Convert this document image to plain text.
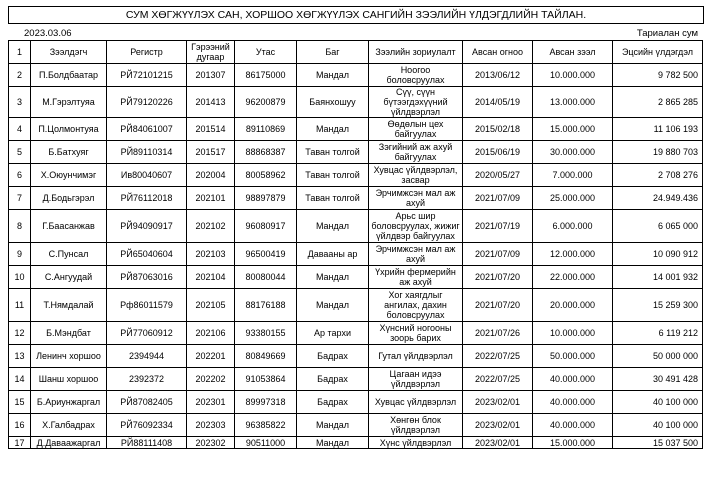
СУМ ХӨГЖҮҮЛЭХ САН, ХОРШОО ХӨГЖҮҮЛЭХ САНГИЙН ЗЭЭЛИЙН ҮЛДЭГДЛИЙН ТАЙЛАН.
2023.03.06	Тариалан сум
1	Зээлдэгч	Регистр	Гэрээний дугаар	Утас	Баг	Зээлийн зориулалт	Авсан огноо	Авсан зээл	Эцсийн үлдэгдэл
2	П.Болдбаатар	РЙ72101215	201307	86175000	Мандал	Ноогоо боловсруулах	2013/06/12	10.000.000	9 782 500
3	М.Гэрэлтуяа	РЙ79120226	201413	96200879	Баянхошуу	Сүү, сүүн бүтээгдэхүүний үйлдвэрлэл	2014/05/19	13.000.000	2 865 285
4	П.Цолмонтуяа	РЙ84061007	201514	89110869	Мандал	Өөдөлын цех байгуулах	2015/02/18	15.000.000	11 106 193
5	Б.Батхуяг	РЙ89110314	201517	88868387	Таван толгой	Зэгийний аж ахуй байгуулах	2015/06/19	30.000.000	19 880 703
6	Х.Оюунчимэг	Ив80040607	202004	80058962	Таван толгой	Хувцас үйлдвэрлэл, засвар	2020/05/27	7.000.000	2 708 276
7	Д.Бодьгэрэл	РЙ76112018	202101	98897879	Таван толгой	Эрчимжсэн мал аж ахуй	2021/07/09	25.000.000	24.949.436
8	Г.Баасанжав	РЙ94090917	202102	96080917	Мандал	Арьс шир боловсруулах, жижиг үйлдвэр байгуулах	2021/07/19	6.000.000	6 065 000
9	С.Пунсал	РЙ65040604	202103	96500419	Давааны ар	Эрчимжсэн мал аж ахуй	2021/07/09	12.000.000	10 090 912
10	С.Ангуудай	РЙ87063016	202104	80080044	Мандал	Үхрийн фермерийн аж ахуй	2021/07/20	22.000.000	14 001 932
11	Т.Нямдалай	Рф86011579	202105	88176188	Мандал	Хог хаягдлыг ангилах, дахин боловсруулах	2021/07/20	20.000.000	15 259 300
12	Б.Мэндбат	РЙ77060912	202106	93380155	Ар тархи	Хүнсний ногооны зоорь барих	2021/07/26	10.000.000	6 119 212
13	Ленинч хоршоо	2394944	202201	80849669	Бадрах	Гутал үйлдвэрлэл	2022/07/25	50.000.000	50 000 000
14	Шанш хоршоо	2392372	202202	91053864	Бадрах	Цагаан идээ үйлдвэрлэл	2022/07/25	40.000.000	30 491 428
15	Б.Ариунжаргал	РЙ87082405	202301	89997318	Бадрах	Хувцас үйлдвэрлэл	2023/02/01	40.000.000	40 100 000
16	Х.Галбадрах	РЙ76092334	202303	96385822	Мандал	Хөнгөн блок үйлдвэрлэл	2023/02/01	40.000.000	40 100 000
17	Д.Даваажаргал	РЙ88111408	202302	90511000	Мандал	Хүнс үйлдвэрлэл	2023/02/01	15.000.000	15 037 500
